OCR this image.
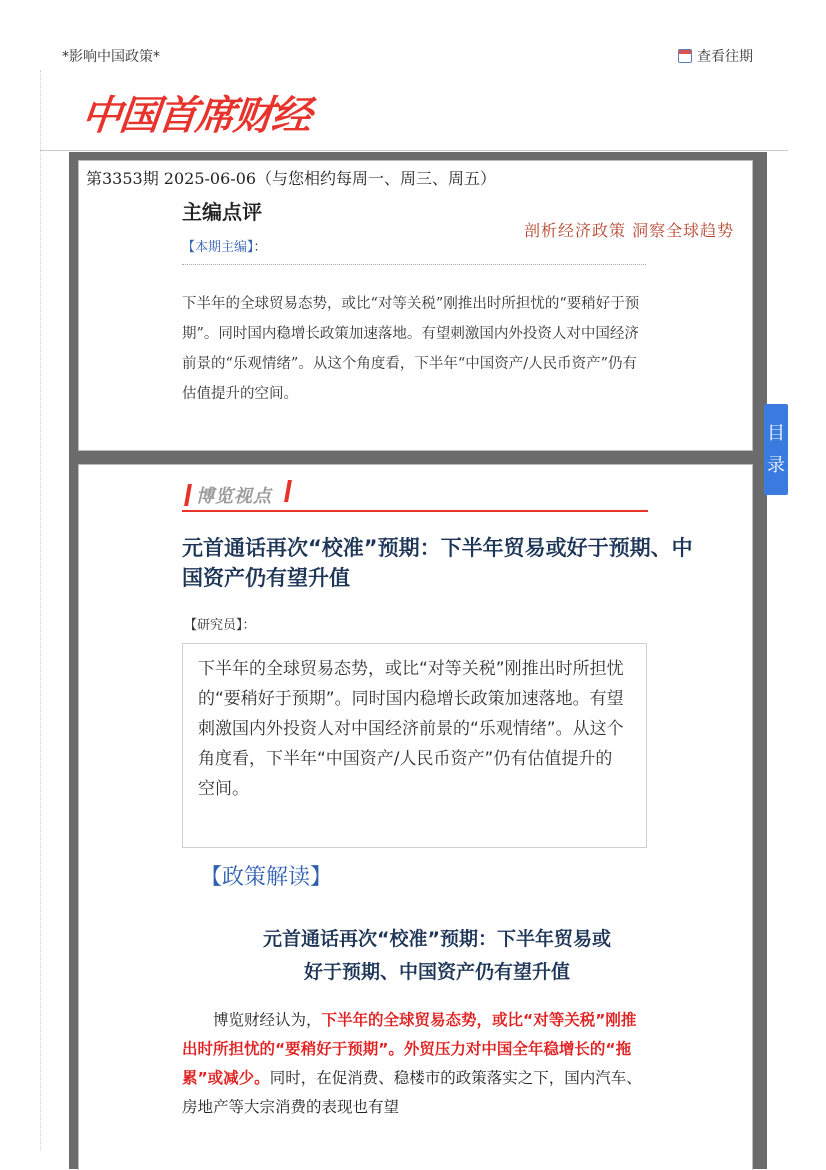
*影响中国政策*	查看往期
中国首席财经
第3353期 2025-06-06（与您相约每周一、周三、周五）
主编点评
剖析经济政策 洞察全球趋势
【本期主编】：
下半年的全球贸易态势，或比“对等关税”刚推出时所担忧的“要稍好于预期”。同时国内稳增长政策加速落地。有望刺激国内外投资人对中国经济前景的“乐观情绪”。从这个角度看，下半年“中国资产/人民币资产”仍有估值提升的空间。
目
录
博览视点
元首通话再次“校准”预期：下半年贸易或好于预期、中国资产仍有望升值
【研究员】：
下半年的全球贸易态势，或比“对等关税”刚推出时所担忧的“要稍好于预期”。同时国内稳增长政策加速落地。有望刺激国内外投资人对中国经济前景的“乐观情绪”。从这个角度看，下半年“中国资产/人民币资产”仍有估值提升的空间。
【政策解读】
元首通话再次“校准”预期：下半年贸易或
好于预期、中国资产仍有望升值
博览财经认为，下半年的全球贸易态势，或比“对等关税”刚推出时所担忧的“要稍好于预期”。外贸压力对中国全年稳增长的“拖累”或减少。同时，在促消费、稳楼市的政策落实之下，国内汽车、房地产等大宗消费的表现也有望
